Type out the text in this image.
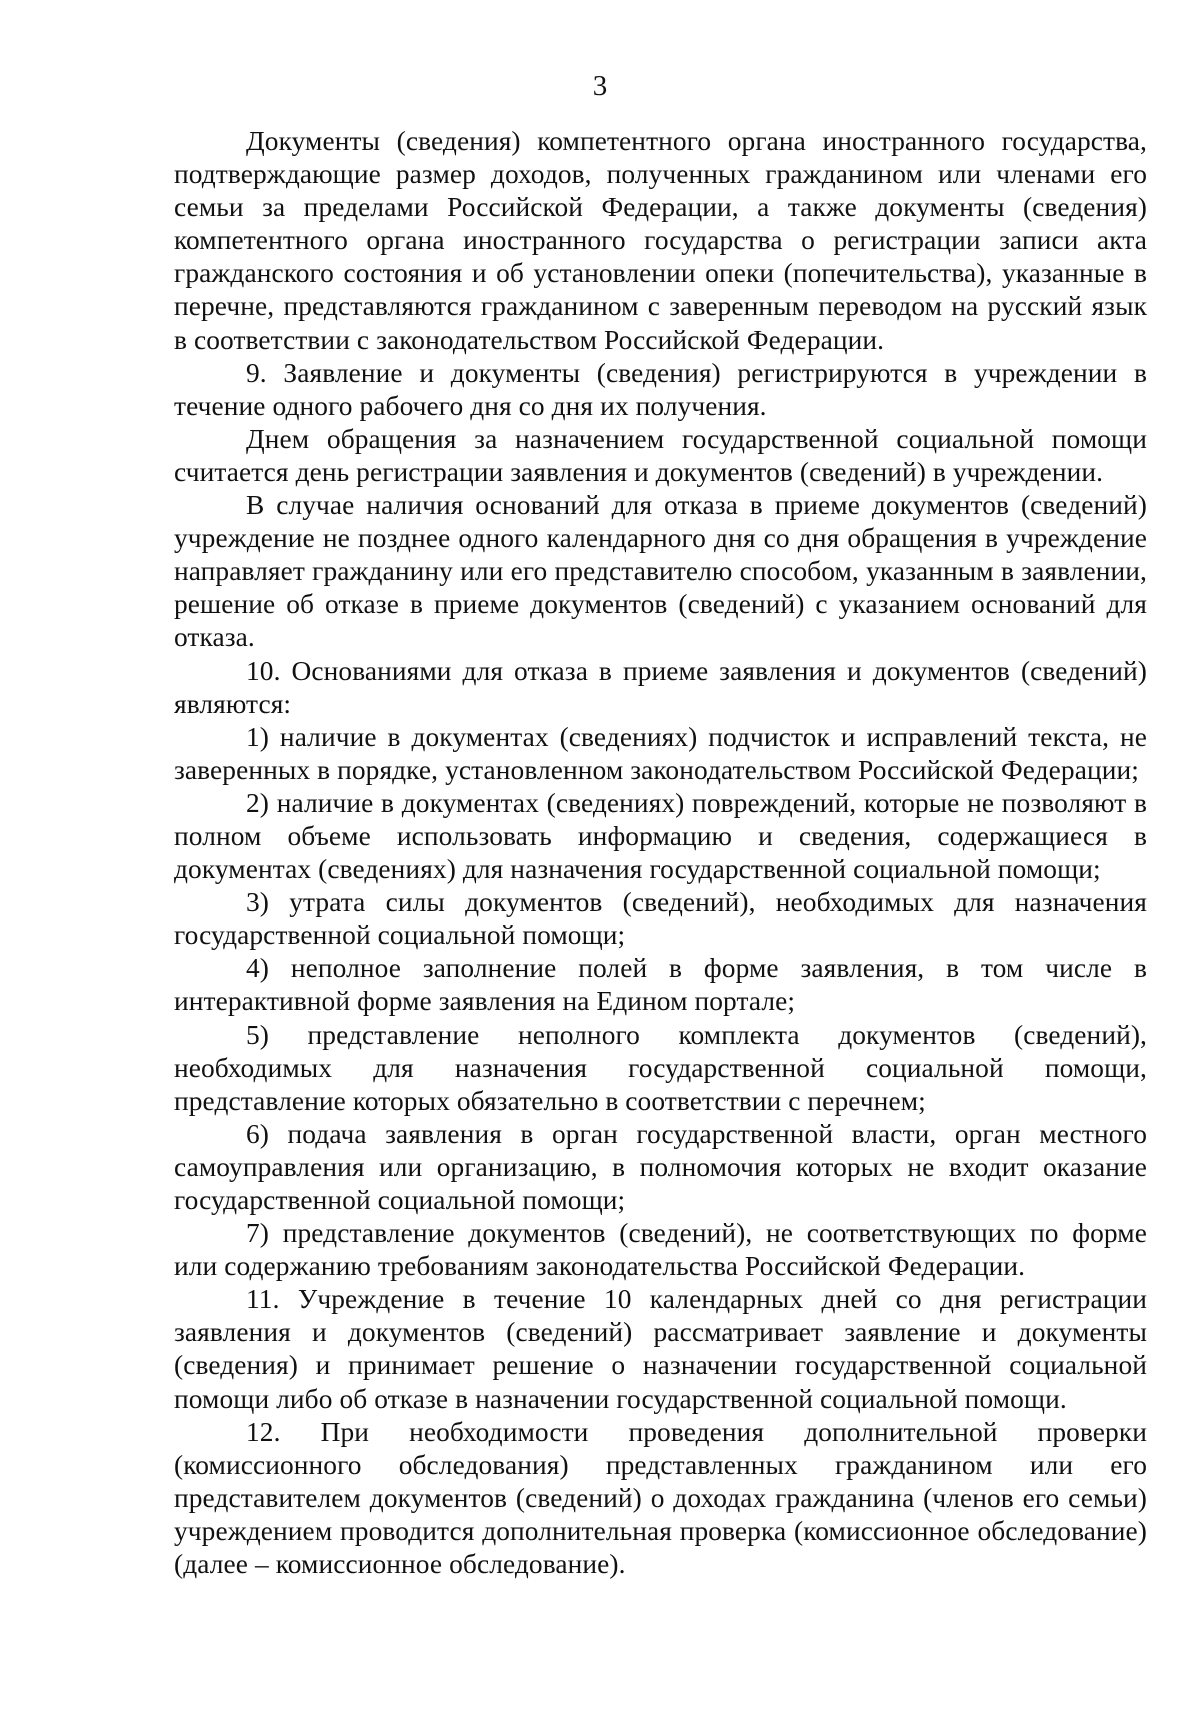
3

Документы (сведения) компетентного органа иностранного государства, подтверждающие размер доходов, полученных гражданином или членами его семьи за пределами Российской Федерации, а также документы (сведения) компетентного органа иностранного государства о регистрации записи акта гражданского состояния и об установлении опеки (попечительства), указанные в перечне, представляются гражданином с заверенным переводом на русский язык в соответствии с законодательством Российской Федерации.

9. Заявление и документы (сведения) регистрируются в учреждении в течение одного рабочего дня со дня их получения.

Днем обращения за назначением государственной социальной помощи считается день регистрации заявления и документов (сведений) в учреждении.

В случае наличия оснований для отказа в приеме документов (сведений) учреждение не позднее одного календарного дня со дня обращения в учреждение направляет гражданину или его представителю способом, указанным в заявлении, решение об отказе в приеме документов (сведений) с указанием оснований для отказа.

10. Основаниями для отказа в приеме заявления и документов (сведений) являются:

1) наличие в документах (сведениях) подчисток и исправлений текста, не заверенных в порядке, установленном законодательством Российской Федерации;

2) наличие в документах (сведениях) повреждений, которые не позволяют в полном объеме использовать информацию и сведения, содержащиеся в документах (сведениях) для назначения государственной социальной помощи;

3) утрата силы документов (сведений), необходимых для назначения государственной социальной помощи;

4) неполное заполнение полей в форме заявления, в том числе в интерактивной форме заявления на Едином портале;

5) представление неполного комплекта документов (сведений), необходимых для назначения государственной социальной помощи, представление которых обязательно в соответствии с перечнем;

6) подача заявления в орган государственной власти, орган местного самоуправления или организацию, в полномочия которых не входит оказание государственной социальной помощи;

7) представление документов (сведений), не соответствующих по форме или содержанию требованиям законодательства Российской Федерации.

11. Учреждение в течение 10 календарных дней со дня регистрации заявления и документов (сведений) рассматривает заявление и документы (сведения) и принимает решение о назначении государственной социальной помощи либо об отказе в назначении государственной социальной помощи.

12. При необходимости проведения дополнительной проверки (комиссионного обследования) представленных гражданином или его представителем документов (сведений) о доходах гражданина (членов его семьи) учреждением проводится дополнительная проверка (комиссионное обследование) (далее – комиссионное обследование).
